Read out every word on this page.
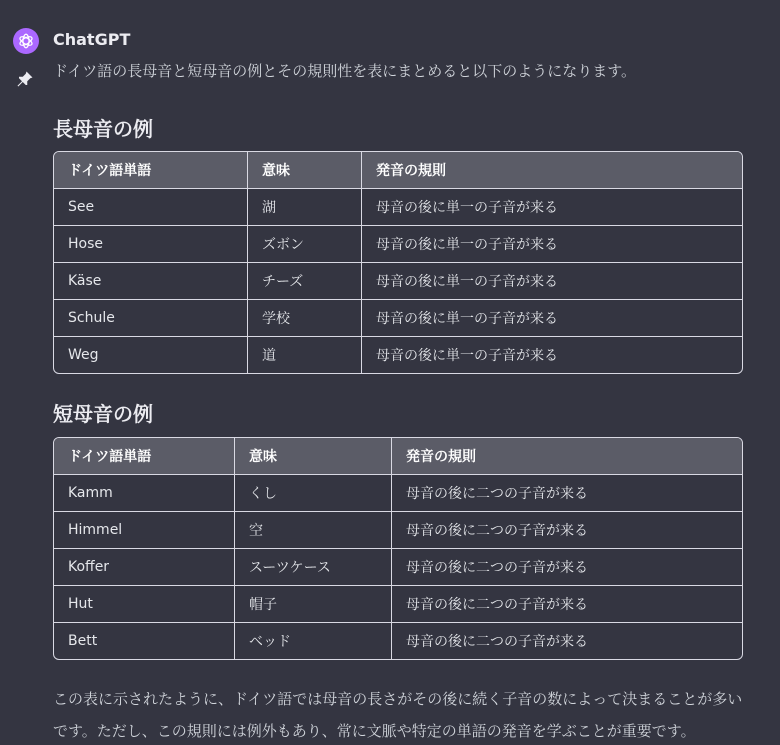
ChatGPT
ドイツ語の長母音と短母音の例とその規則性を表にまとめると以下のようになります。
長母音の例
ドイツ語単語	意味	発音の規則
See	湖	母音の後に単一の子音が来る
Hose	ズボン	母音の後に単一の子音が来る
Käse	チーズ	母音の後に単一の子音が来る
Schule	学校	母音の後に単一の子音が来る
Weg	道	母音の後に単一の子音が来る
短母音の例
ドイツ語単語	意味	発音の規則
Kamm	くし	母音の後に二つの子音が来る
Himmel	空	母音の後に二つの子音が来る
Koffer	スーツケース	母音の後に二つの子音が来る
Hut	帽子	母音の後に二つの子音が来る
Bett	ベッド	母音の後に二つの子音が来る
この表に示されたように、ドイツ語では母音の長さがその後に続く子音の数によって決まることが多いです。ただし、この規則には例外もあり、常に文脈や特定の単語の発音を学ぶことが重要です。
